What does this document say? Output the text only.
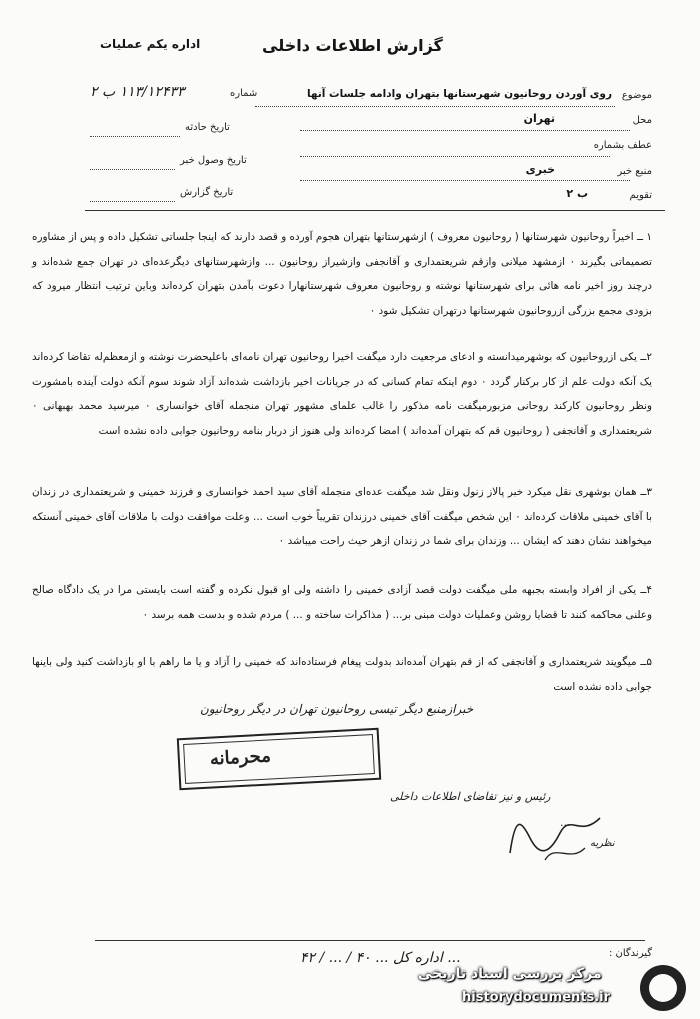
اداره یکم عملیات	گزارش اطلاعات داخلی
موضوع
روی آوردن روحانیون شهرستانها بتهران وادامه جلسات آنها
شماره
۱۱۳/۱۲۴۳۳ ب ۲
محل
تهران
عطف بشماره
منبع خبر
خبری
تقویم
ب ۲
تاریخ حادثه
تاریخ وصول خبر
تاریخ گزارش
۱ ــ اخیراً روحانیون شهرستانها ( روحانیون معروف ) ازشهرستانها بتهران هجوم آورده و قصد دارند که اینجا جلساتی تشکیل داده و پس از مشاوره تصمیماتی بگیرند ۰ ازمشهد میلانی وازقم شریعتمداری و آقانجفی وازشیراز روحانیون ... وازشهرستانهای دیگرعده‌ای در تهران جمع شده‌اند و درچند روز اخیر نامه هائی برای شهرستانها نوشته و روحانیون معروف شهرستانهارا دعوت بآمدن بتهران کرده‌اند وباین ترتیب انتظار میرود که بزودی مجمع بزرگی ازروحانیون شهرستانها درتهران تشکیل شود ۰
۲ــ یکی ازروحانیون که بوشهرمیدانسته و ادعای مرجعیت دارد میگفت اخیرا روحانیون تهران نامه‌ای باعلیحضرت نوشته و ازمعظم‌له تقاضا کرده‌اند یک آنکه دولت علم از کار برکنار گردد ۰ دوم اینکه تمام کسانی که در جریانات اخیر بازداشت شده‌اند آزاد شوند سوم آنکه دولت آینده بامشورت ونظر روحانیون کارکند روحانی مزبورمیگفت نامه مذکور را غالب علمای مشهور تهران منجمله آقای خوانساری ۰ میرسید محمد بهبهانی ۰ شریعتمداری و آقانجفی ( روحانیون قم که بتهران آمده‌اند ) امضا کرده‌اند ولی هنوز از دربار بنامه روحانیون جوابی داده نشده است
۳ــ همان بوشهری نقل میکرد خبر پالاز زنول ونقل شد میگفت عده‌ای منجمله آقای سید احمد خوانساری و فرزند خمینی و شریعتمداری در زندان با آقای خمینی ملاقات کرده‌اند ۰ این شخص میگفت آقای خمینی درزندان تقریباً خوب است ... وعلت موافقت دولت با ملاقات آقای خمینی آنستکه میخواهند نشان دهند که ایشان ... وزندان برای شما در زندان ازهر حیث راحت میباشد ۰
۴ــ یکی از افراد وابسته بجبهه ملی میگفت دولت قصد آزادی خمینی را داشته ولی او قبول نکرده و گفته است بایستی مرا در یک دادگاه صالح وعلنی محاکمه کنند تا قضایا روشن وعملیات دولت مبنی بر... ( مذاکرات ساخته و ... ) مردم شده و بدست همه برسد ۰
۵ــ میگویند شریعتمداری و آقانجفی که از قم بتهران آمده‌اند بدولت پیغام فرستاده‌اند که خمینی را آزاد و یا ما راهم با او بازداشت کنید ولی باینها جوابی داده نشده است
خبرازمنبع دیگر تیسی روحانیون تهران در دیگر روحانیون
محرمانه
رئیس و نیز تقاضای اطلاعات داخلی
نظریه
...
گیرندگان :
... اداره کل ... ۴۰ / ... / ۴۲
مرکز بررسی اسناد تاریخی
historydocuments.ir
